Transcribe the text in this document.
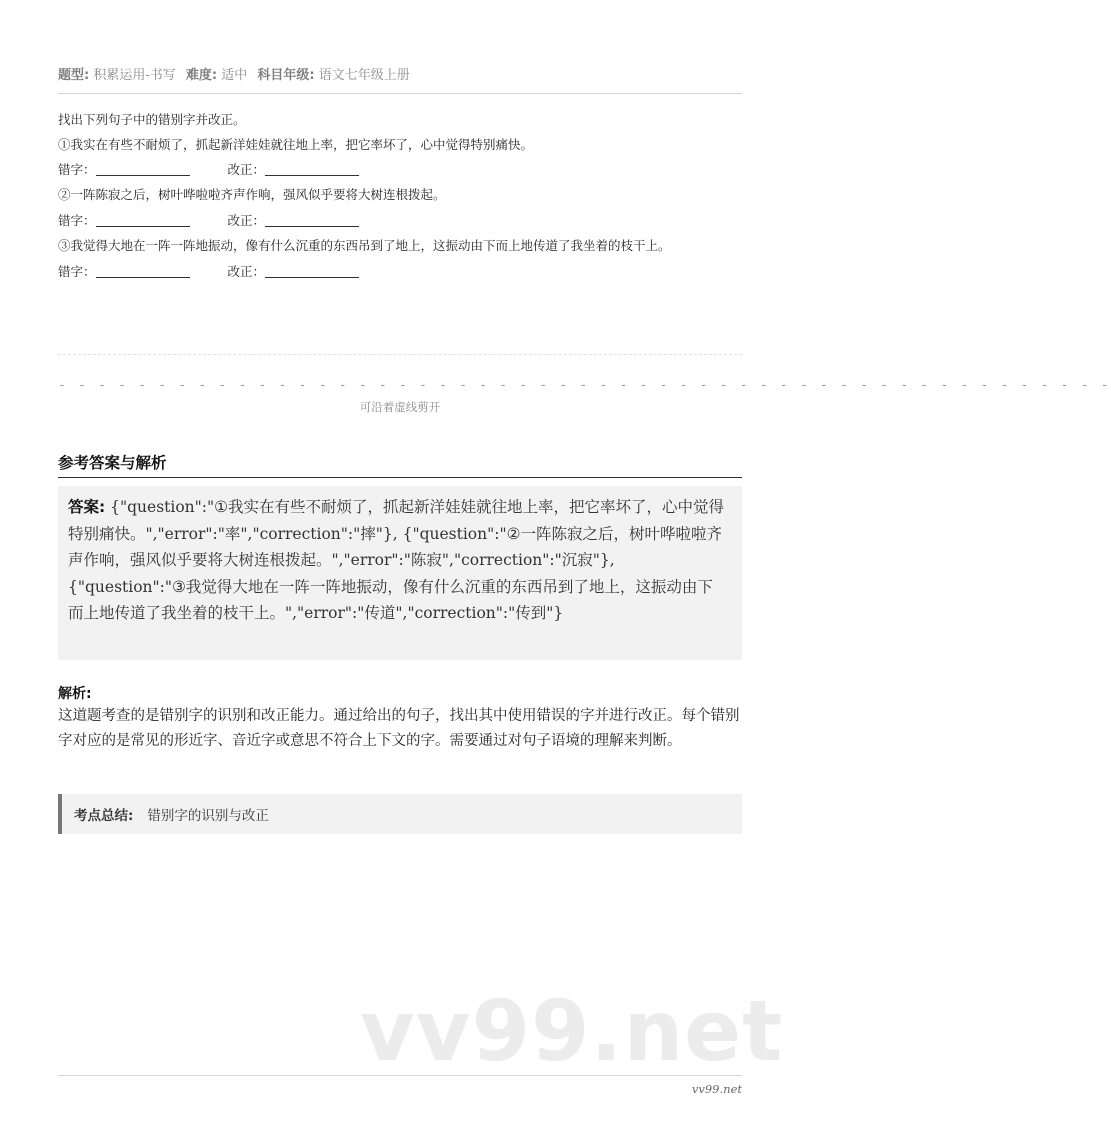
题型: 积累运用-书写 难度: 适中 科目年级: 语文七年级上册
找出下列句子中的错别字并改正。
①我实在有些不耐烦了，抓起新洋娃娃就往地上率，把它率坏了，心中觉得特别痛快。
错字：	改正：
②一阵陈寂之后，树叶哗啦啦齐声作响，强风似乎要将大树连根拨起。
错字：	改正：
③我觉得大地在一阵一阵地振动，像有什么沉重的东西吊到了地上，这振动由下而上地传道了我坐着的枝干上。
错字：	改正：
- - - - - - - - - - - - - - - - - - - - - - - - - - - - - - - - - - - - - - - - - - - - - - - - - - - - -
可沿着虚线剪开
参考答案与解析
答案: {"question":"①我实在有些不耐烦了，抓起新洋娃娃就往地上率，把它率坏了，心中觉得特别痛快。","error":"率","correction":"摔"}, {"question":"②一阵陈寂之后，树叶哗啦啦齐声作响，强风似乎要将大树连根拨起。","error":"陈寂","correction":"沉寂"}, {"question":"③我觉得大地在一阵一阵地振动，像有什么沉重的东西吊到了地上，这振动由下而上地传道了我坐着的枝干上。","error":"传道","correction":"传到"}
解析:
这道题考查的是错别字的识别和改正能力。通过给出的句子，找出其中使用错误的字并进行改正。每个错别字对应的是常见的形近字、音近字或意思不符合上下文的字。需要通过对句子语境的理解来判断。
考点总结: 错别字的识别与改正
vv99.net
vv99.net
